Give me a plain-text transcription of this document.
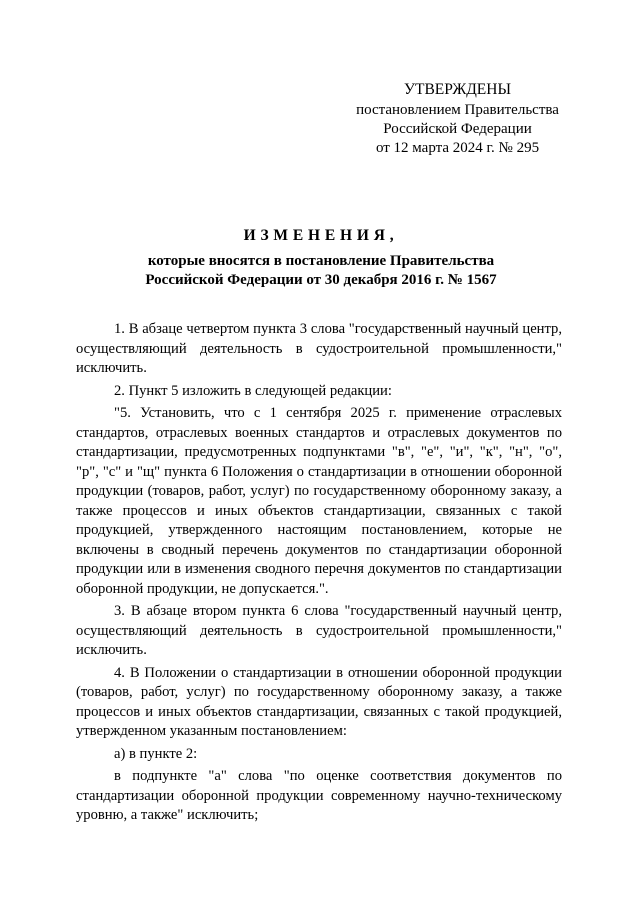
УТВЕРЖДЕНЫ
постановлением Правительства
Российской Федерации
от 12 марта 2024 г. № 295
ИЗМЕНЕНИЯ,
которые вносятся в постановление Правительства
Российской Федерации от 30 декабря 2016 г. № 1567

1. В абзаце четвертом пункта 3 слова "государственный научный центр, осуществляющий деятельность в судостроительной промышленности," исключить.

2. Пункт 5 изложить в следующей редакции:

"5. Установить, что с 1 сентября 2025 г. применение отраслевых стандартов, отраслевых военных стандартов и отраслевых документов по стандартизации, предусмотренных подпунктами "в", "е", "и", "к", "н", "о", "р", "с" и "щ" пункта 6 Положения о стандартизации в отношении оборонной продукции (товаров, работ, услуг) по государственному оборонному заказу, а также процессов и иных объектов стандартизации, связанных с такой продукцией, утвержденного настоящим постановлением, которые не включены в сводный перечень документов по стандартизации оборонной продукции или в изменения сводного перечня документов по стандартизации оборонной продукции, не допускается.".

3. В абзаце втором пункта 6 слова "государственный научный центр, осуществляющий деятельность в судостроительной промышленности," исключить.

4. В Положении о стандартизации в отношении оборонной продукции (товаров, работ, услуг) по государственному оборонному заказу, а также процессов и иных объектов стандартизации, связанных с такой продукцией, утвержденном указанным постановлением:

а) в пункте 2:

в подпункте "а" слова "по оценке соответствия документов по стандартизации оборонной продукции современному научно-техническому уровню, а также" исключить;
